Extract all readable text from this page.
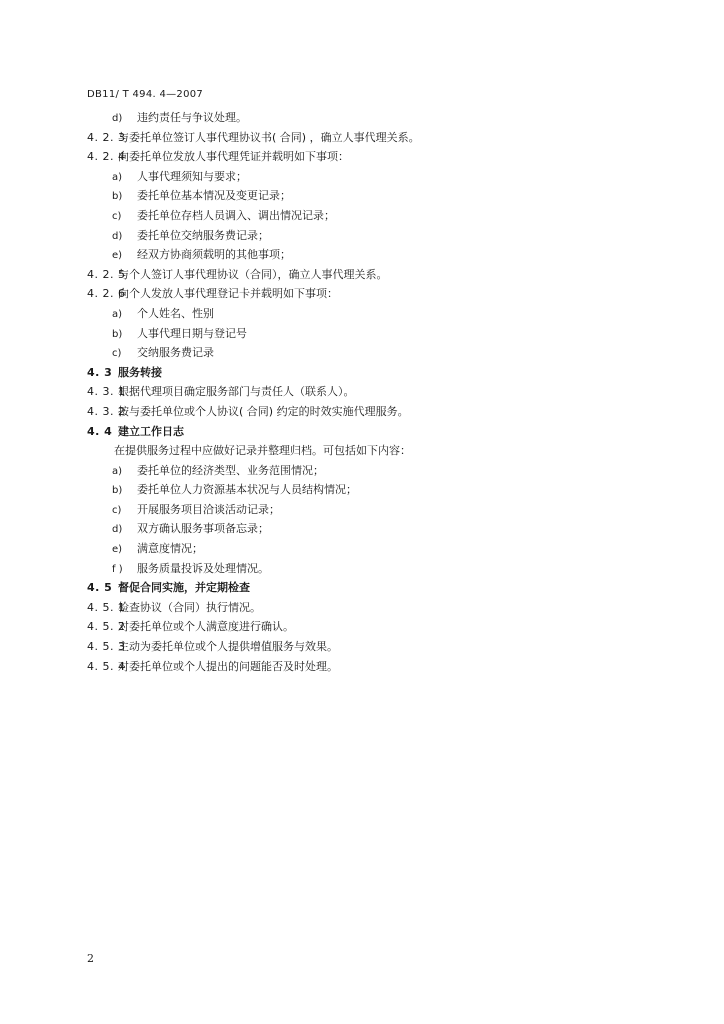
DB11/ T 494. 4—2007
d) 违约责任与争议处理。
4. 2. 3与委托单位签订人事代理协议书( 合同) ，确立人事代理关系。
4. 2. 4向委托单位发放人事代理凭证并载明如下事项：
a) 人事代理须知与要求；
b) 委托单位基本情况及变更记录；
c) 委托单位存档人员调入、调出情况记录；
d) 委托单位交纳服务费记录；
e) 经双方协商须载明的其他事项；
4. 2. 5与个人签订人事代理协议（合同），确立人事代理关系。
4. 2. 6向个人发放人事代理登记卡并载明如下事项：
a) 个人姓名、性别
b) 人事代理日期与登记号
c) 交纳服务费记录
4. 3 服务转接
4. 3. 1根据代理项目确定服务部门与责任人（联系人）。
4. 3. 2按与委托单位或个人协议( 合同) 约定的时效实施代理服务。
4. 4 建立工作日志
在提供服务过程中应做好记录并整理归档。可包括如下内容：
a) 委托单位的经济类型、业务范围情况；
b) 委托单位人力资源基本状况与人员结构情况；
c) 开展服务项目洽谈活动记录；
d) 双方确认服务事项备忘录；
e) 满意度情况；
f ) 服务质量投诉及处理情况。
4. 5 督促合同实施，并定期检查
4. 5. 1检查协议（合同）执行情况。
4. 5. 2对委托单位或个人满意度进行确认。
4. 5. 3主动为委托单位或个人提供增值服务与效果。
4. 5. 4对委托单位或个人提出的问题能否及时处理。
2
